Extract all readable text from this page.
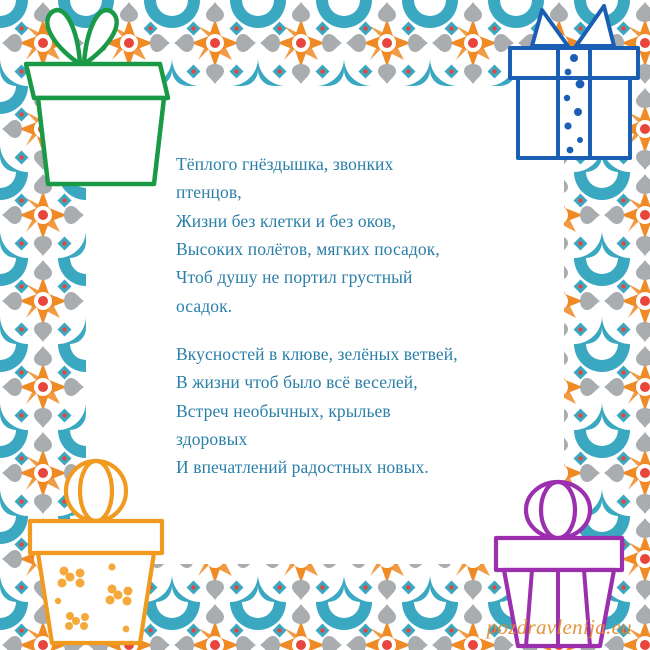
Тёплого гнёздышка, звонких
птенцов,
Жизни без клетки и без оков,
Высоких полётов, мягких посадок,
Чтоб душу не портил грустный
осадок.

Вкусностей в клюве, зелёных ветвей,
В жизни чтоб было всё веселей,
Встреч необычных, крыльев
здоровых
И впечатлений радостных новых.

pozdravlenija.eu
